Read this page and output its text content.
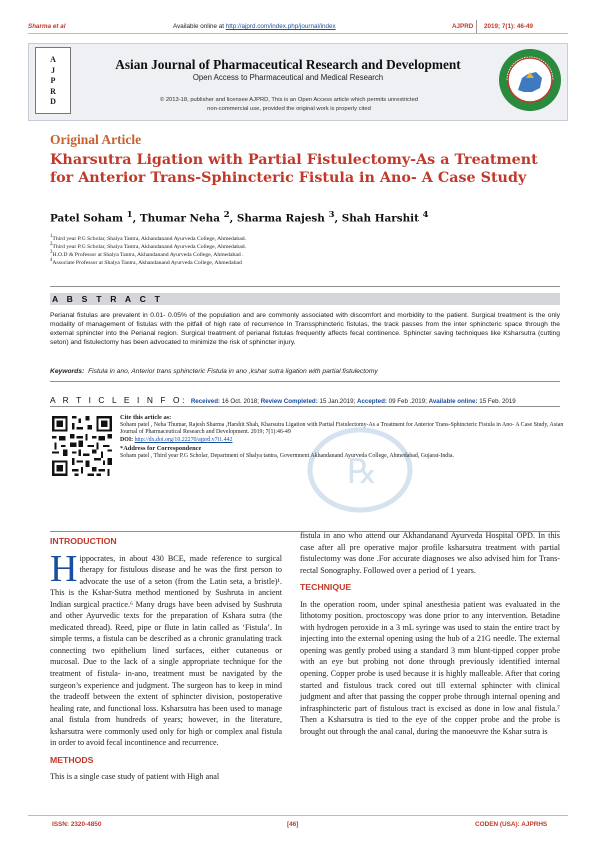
Sharma et al	Available online at http://ajprd.com/index.php/journal/index	AJPRD 2019; 7(1): 46-49
A
J
P
R
D
Asian Journal of Pharmaceutical Research and Development
Open Access to Pharmaceutical and Medical Research
© 2013-18, publisher and licensee AJPRD, This is an Open Access article which permits unrestricted
non-commercial use, provided the original work is properly cited
Original Article
Kharsutra Ligation with Partial Fistulectomy-As a Treatment for Anterior Trans-Sphincteric Fistula in Ano- A Case Study
Patel Soham $^1$, Thumar Neha $^2$, Sharma Rajesh $^3$, Shah Harshit $^4$
$^1$Third year P.G Scholar, Shalya Tantra, Akhandanand Ayurveda College, Ahmedabad.
$^2$Third year P.G Scholar, Shalya Tantra, Akhandanand Ayurveda College, Ahmedabad.
$^3$H.O.D & Professor at Shalya Tantra, Akhandanand Ayurveda College, Ahmedabad .
$^4$Associate Professor at Shalya Tantra, Akhandanand Ayurveda College, Ahmedabad
A B S T R A C T
Perianal fistulas are prevalent in 0.01- 0.05% of the population and are commonly associated with discomfort and morbidity to the patient. Surgical treatment is the only modality of management of fistulas with the pitfall of high rate of recurrence In Transsphincteric fistulas, the track passes from the inter sphincteric space through the external sphincter into the Perianal region. Surgical treatment of perianal fistulas frequently affects fecal continence. Sphincter saving techniques like Ksharsutra (cutting seton) and fistulectomy has been advocated to minimize the risk of sphincter injury.
Keywords: Fistula in ano, Anterior trans sphincteric Fistula in ano ,kshar sutra ligation with partial fistulectomy
A R T I C L E I N F O: Received: 16 Oct. 2018; Review Completed: 15 Jan.2019; Accepted: 09 Feb .2019; Available online: 15 Feb. 2019
℞
Cite this article as:
Soham patel , Neha Thumar, Rajesh Sharma ,Harshit Shah, Kharsutra Ligation with Partial Fistulectomy-As a Treatment for Anterior Trans-Sphincteric Fistula in Ano- A Case Study, Asian Journal of Pharmaceutical Research and Development. 2019; 7(1):46-49
DOI: http://dx.doi.org/10.22270/ajprd.v7i1.442
*Address for Correspondence
Soham patel , Third year P.G Scholar, Department of Shalya tantra, Government Akhandanand Ayurveda College, Ahmedabad, Gujarat-India.
INTRODUCTION

Hippocrates, in about 430 BCE, made reference to surgical therapy for fistulous disease and he was the first person to advocate the use of a seton (from the Latin seta, a bristle)¹. This is the Kshar-Sutra method mentioned by Sushruta in ancient Indian surgical practice.⁶ Many drugs have been advised by Sushruta and other Ayurvedic texts for the preparation of Kshara sutra (the medicated thread). Reed, pipe or flute in latin called as ‘Fistula’. In simple terms, a fistula can be described as a chronic granulating track connecting two epithelium lined surfaces, either cutaneous or mucosal. Due to the lack of a single appropriate technique for the treatment of fistula- in-ano, treatment must be navigated by the surgeon’s experience and judgment. The surgeon has to keep in mind the tradeoff between the extent of sphincter division, postoperative healing rate, and functional loss. Ksharsutra has been used to manage anal fistula from hundreds of years; however, in the literature, ksharsutra were commonly used only for high or complex anal fistula in order to avoid fecal incontinence and recurrence.

METHODS

This is a single case study of patient with High anal

fistula in ano who attend our Akhandanand Ayurveda Hospital OPD. In this case after all pre operative major profile ksharsutra treatment with partial fistulectomy was done .For accurate diagnoses we also advised him for Trans- rectal Sonography. Followed over a period of 1 years.

TECHNIQUE

In the operation room, under spinal anesthesia patient was evaluated in the lithotomy position. proctoscopy was done prior to any intervention. Betadine with hydrogen peroxide in a 3 mL syringe was used to stain the entire tract by injecting into the external opening using the hub of a 21G needle. The external opening was gently probed using a standard 3 mm blunt-tipped copper probe with an eye but probing not done through previously identified internal opening. Copper probe is used because it is highly malleable. After that coring started and fistulous track cored out till external sphincter with clinical judgment and after that passing the copper probe through internal opening and infrasphincteric part of fistulous tract is excised as done in low anal fistula.⁷ Then a Ksharsutra is tied to the eye of the copper probe and the probe is brought out through the anal canal, during the manoeuvre the Kshar sutra is

ISSN: 2320-4850	[46]	CODEN (USA): AJPRHS
